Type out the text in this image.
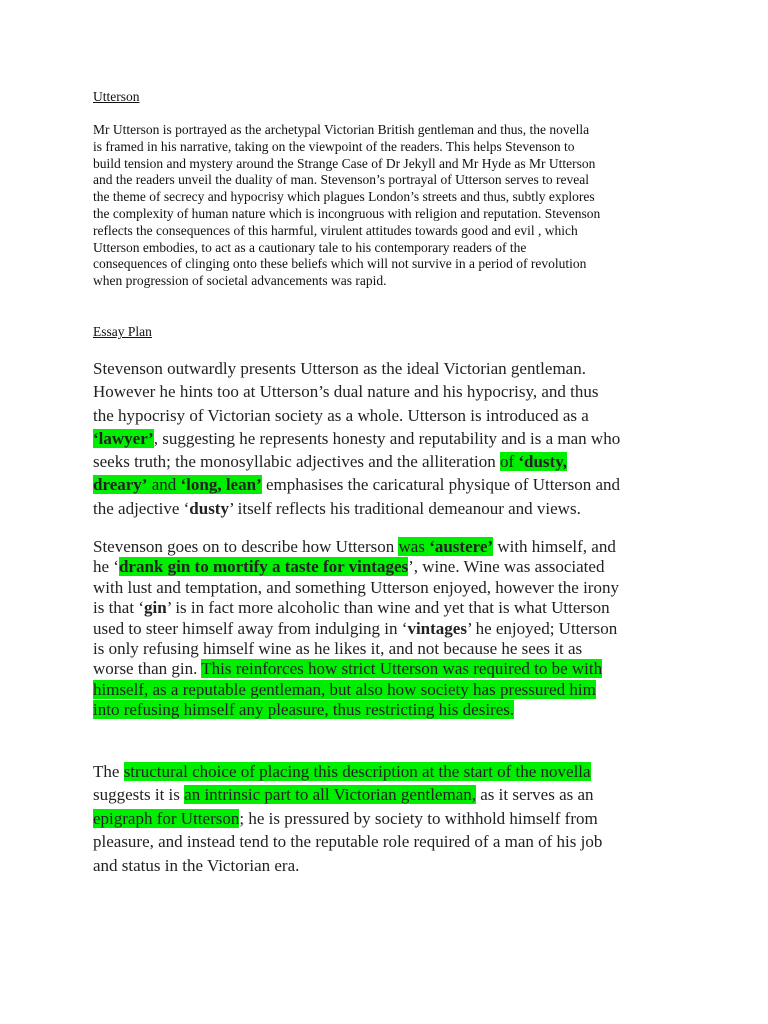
Utterson
Mr Utterson is portrayed as the archetypal Victorian British gentleman and thus, the novella
is framed in his narrative, taking on the viewpoint of the readers. This helps Stevenson to
build tension and mystery around the Strange Case of Dr Jekyll and Mr Hyde as Mr Utterson
and the readers unveil the duality of man. Stevenson’s portrayal of Utterson serves to reveal
the theme of secrecy and hypocrisy which plagues London’s streets and thus, subtly explores
the complexity of human nature which is incongruous with religion and reputation. Stevenson
reflects the consequences of this harmful, virulent attitudes towards good and evil , which
Utterson embodies, to act as a cautionary tale to his contemporary readers of the
consequences of clinging onto these beliefs which will not survive in a period of revolution
when progression of societal advancements was rapid.
Essay Plan
Stevenson outwardly presents Utterson as the ideal Victorian gentleman.
However he hints too at Utterson’s dual nature and his hypocrisy, and thus
the hypocrisy of Victorian society as a whole. Utterson is introduced as a
‘lawyer’, suggesting he represents honesty and reputability and is a man who
seeks truth; the monosyllabic adjectives and the alliteration of ‘dusty,
dreary’ and ‘long, lean’ emphasises the caricatural physique of Utterson and
the adjective ‘dusty’ itself reflects his traditional demeanour and views.
Stevenson goes on to describe how Utterson was ‘austere’ with himself, and
he ‘drank gin to mortify a taste for vintages’, wine. Wine was associated
with lust and temptation, and something Utterson enjoyed, however the irony
is that ‘gin’ is in fact more alcoholic than wine and yet that is what Utterson
used to steer himself away from indulging in ‘vintages’ he enjoyed; Utterson
is only refusing himself wine as he likes it, and not because he sees it as
worse than gin. This reinforces how strict Utterson was required to be with
himself, as a reputable gentleman, but also how society has pressured him
into refusing himself any pleasure, thus restricting his desires.
The structural choice of placing this description at the start of the novella
suggests it is an intrinsic part to all Victorian gentleman, as it serves as an
epigraph for Utterson; he is pressured by society to withhold himself from
pleasure, and instead tend to the reputable role required of a man of his job
and status in the Victorian era.
